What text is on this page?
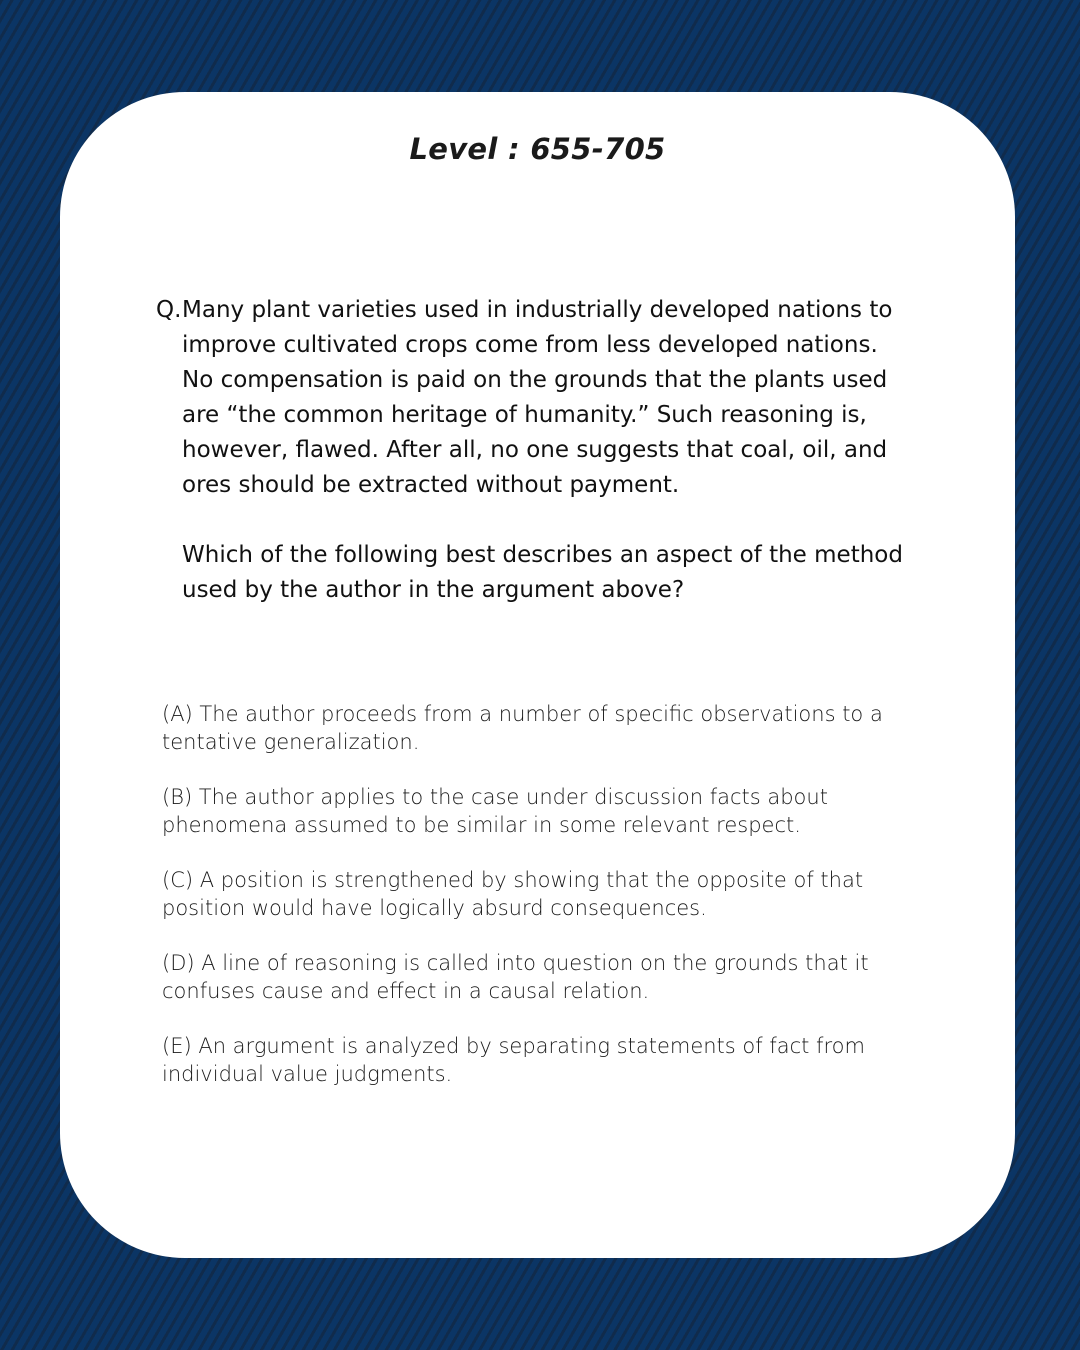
Level : 655-705
Q. Many plant varieties used in industrially developed nations to improve cultivated crops come from less developed nations. No compensation is paid on the grounds that the plants used are “the common heritage of humanity.” Such reasoning is, however, flawed. After all, no one suggests that coal, oil, and ores should be extracted without payment.

Which of the following best describes an aspect of the method used by the author in the argument above?

(A) The author proceeds from a number of specific observations to a tentative generalization.

(B) The author applies to the case under discussion facts about phenomena assumed to be similar in some relevant respect.

(C) A position is strengthened by showing that the opposite of that position would have logically absurd consequences.

(D) A line of reasoning is called into question on the grounds that it confuses cause and effect in a causal relation.

(E) An argument is analyzed by separating statements of fact from individual value judgments.
